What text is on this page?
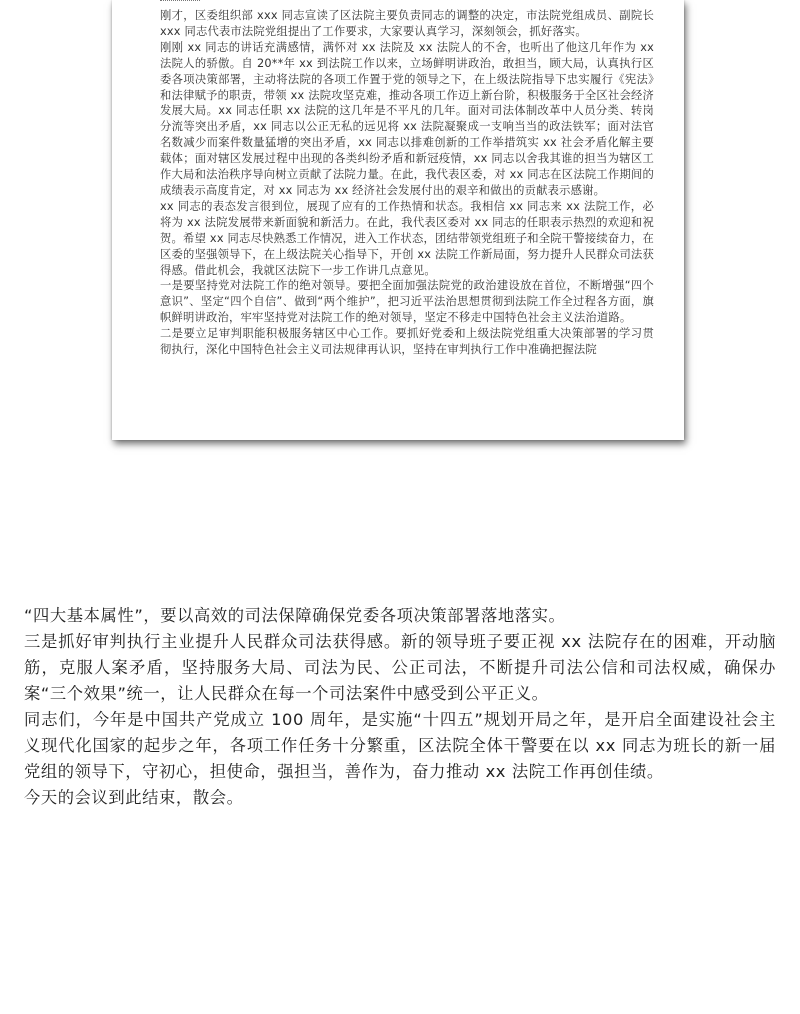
刚才，区委组织部 xxx 同志宣读了区法院主要负责同志的调整的决定，市法院党组成员、副院长 xxx 同志代表市法院党组提出了工作要求，大家要认真学习，深刻领会，抓好落实。

刚刚 xx 同志的讲话充满感情，满怀对 xx 法院及 xx 法院人的不舍，也听出了他这几年作为 xx 法院人的骄傲。自 20**年 xx 到法院工作以来，立场鲜明讲政治，敢担当，顾大局，认真执行区委各项决策部署，主动将法院的各项工作置于党的领导之下，在上级法院指导下忠实履行《宪法》和法律赋予的职责，带领 xx 法院攻坚克难，推动各项工作迈上新台阶，积极服务于全区社会经济发展大局。xx 同志任职 xx 法院的这几年是不平凡的几年。面对司法体制改革中人员分类、转岗分流等突出矛盾，xx 同志以公正无私的远见将 xx 法院凝聚成一支响当当的政法铁军；面对法官名数减少而案件数量猛增的突出矛盾，xx 同志以排难创新的工作举措筑实 xx 社会矛盾化解主要载体；面对辖区发展过程中出现的各类纠纷矛盾和新冠疫情，xx 同志以舍我其谁的担当为辖区工作大局和法治秩序导向树立贡献了法院力量。在此，我代表区委，对 xx 同志在区法院工作期间的成绩表示高度肯定，对 xx 同志为 xx 经济社会发展付出的艰辛和做出的贡献表示感谢。

xx 同志的表态发言很到位，展现了应有的工作热情和状态。我相信 xx 同志来 xx 法院工作，必将为 xx 法院发展带来新面貌和新活力。在此，我代表区委对 xx 同志的任职表示热烈的欢迎和祝贺。希望 xx 同志尽快熟悉工作情况，进入工作状态，团结带领党组班子和全院干警接续奋力，在区委的坚强领导下，在上级法院关心指导下，开创 xx 法院工作新局面，努力提升人民群众司法获得感。借此机会，我就区法院下一步工作讲几点意见。

一是要坚持党对法院工作的绝对领导。要把全面加强法院党的政治建设放在首位，不断增强“四个意识”、坚定“四个自信”、做到“两个维护”，把习近平法治思想贯彻到法院工作全过程各方面，旗帜鲜明讲政治，牢牢坚持党对法院工作的绝对领导，坚定不移走中国特色社会主义法治道路。

二是要立足审判职能积极服务辖区中心工作。要抓好党委和上级法院党组重大决策部署的学习贯彻执行，深化中国特色社会主义司法规律再认识，坚持在审判执行工作中准确把握法院

“四大基本属性”，要以高效的司法保障确保党委各项决策部署落地落实。

三是抓好审判执行主业提升人民群众司法获得感。新的领导班子要正视 xx 法院存在的困难，开动脑筋，克服人案矛盾，坚持服务大局、司法为民、公正司法，不断提升司法公信和司法权威，确保办案“三个效果”统一，让人民群众在每一个司法案件中感受到公平正义。

同志们，今年是中国共产党成立 100 周年，是实施“十四五”规划开局之年，是开启全面建设社会主义现代化国家的起步之年，各项工作任务十分繁重，区法院全体干警要在以 xx 同志为班长的新一届党组的领导下，守初心，担使命，强担当，善作为，奋力推动 xx 法院工作再创佳绩。

今天的会议到此结束，散会。
